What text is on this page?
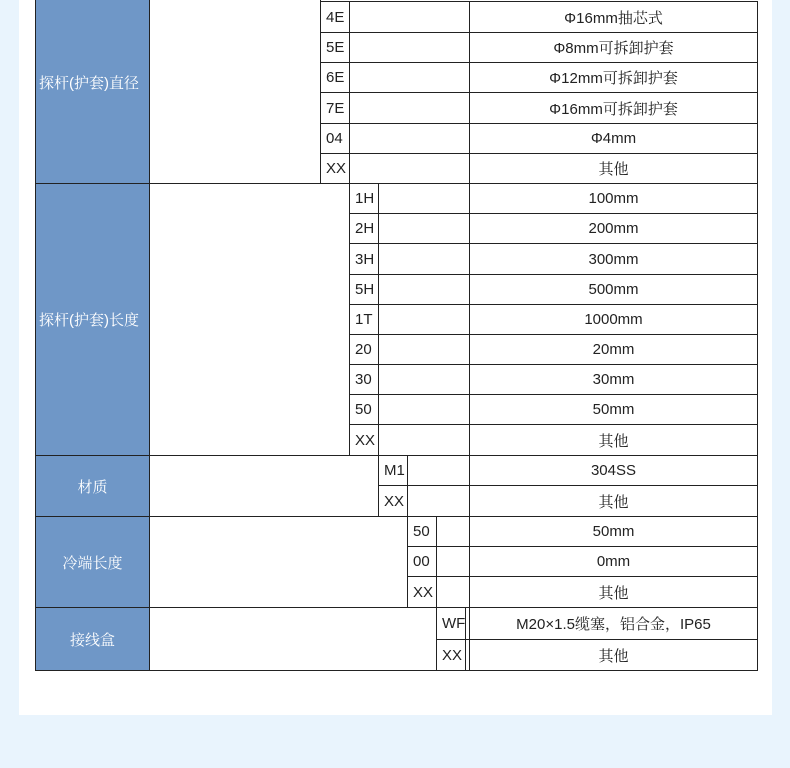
探杆(护套)直径
4E	Φ16mm抽芯式
5E	Φ8mm可拆卸护套
6E	Φ12mm可拆卸护套
7E	Φ16mm可拆卸护套
04	Φ4mm
XX	其他
探杆(护套)长度
1H	100mm
2H	200mm
3H	300mm
5H	500mm
1T	1000mm
20	20mm
30	30mm
50	50mm
XX	其他
材质
M1	304SS
XX	其他
冷端长度
50	50mm
00	0mm
XX	其他
接线盒
WF	M20×1.5缆塞，铝合金，IP65
XX	其他
